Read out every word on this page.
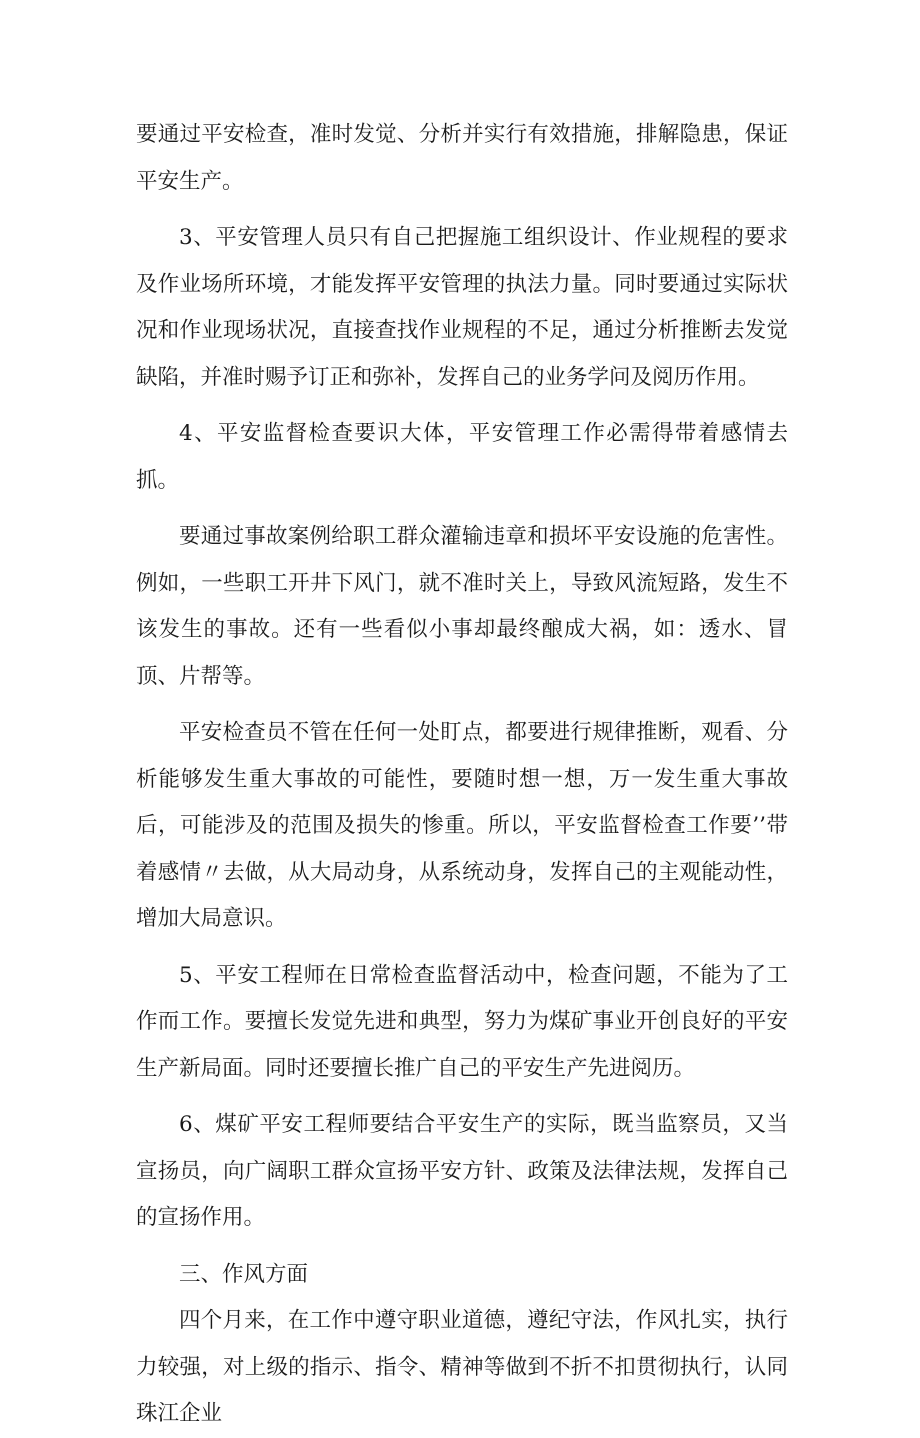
要通过平安检查，准时发觉、分析并实行有效措施，排解隐患，保证平安生产。

3、平安管理人员只有自己把握施工组织设计、作业规程的要求及作业场所环境，才能发挥平安管理的执法力量。同时要通过实际状况和作业现场状况，直接查找作业规程的不足，通过分析推断去发觉缺陷，并准时赐予订正和弥补，发挥自己的业务学问及阅历作用。

4、平安监督检查要识大体，平安管理工作必需得带着感情去抓。

要通过事故案例给职工群众灌输违章和损坏平安设施的危害性。例如，一些职工开井下风门，就不准时关上，导致风流短路，发生不该发生的事故。还有一些看似小事却最终酿成大祸，如：透水、冒顶、片帮等。

平安检查员不管在任何一处盯点，都要进行规律推断，观看、分析能够发生重大事故的可能性，要随时想一想，万一发生重大事故后，可能涉及的范围及损失的惨重。所以，平安监督检查工作要’’带着感情〃去做，从大局动身，从系统动身，发挥自己的主观能动性，增加大局意识。

5、平安工程师在日常检查监督活动中，检查问题，不能为了工作而工作。要擅长发觉先进和典型，努力为煤矿事业开创良好的平安生产新局面。同时还要擅长推广自己的平安生产先进阅历。

6、煤矿平安工程师要结合平安生产的实际，既当监察员，又当宣扬员，向广阔职工群众宣扬平安方针、政策及法律法规，发挥自己的宣扬作用。

三、作风方面

四个月来，在工作中遵守职业道德，遵纪守法，作风扎实，执行力较强，对上级的指示、指令、精神等做到不折不扣贯彻执行，认同珠江企业
